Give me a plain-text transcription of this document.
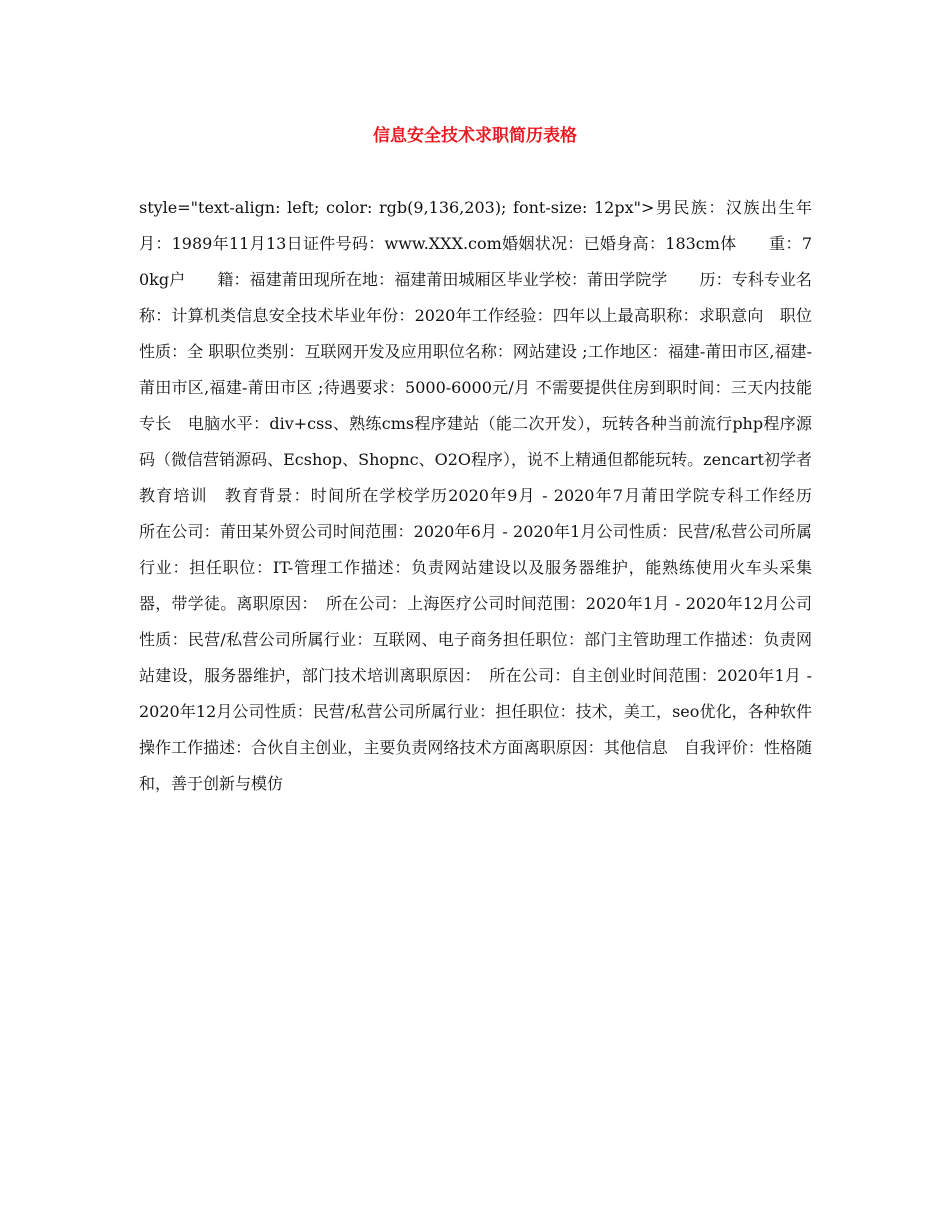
信息安全技术求职简历表格

style="text-align: left; color: rgb(9,136,203); font-size: 12px">男民族：汉族出生年月：1989年11月13日证件号码：www.XXX.com婚姻状况：已婚身高：183cm体　　重：70kg户　　籍：福建莆田现所在地：福建莆田城厢区毕业学校：莆田学院学　　历：专科专业名称：计算机类信息安全技术毕业年份：2020年工作经验：四年以上最高职称：求职意向　职位性质：全 职职位类别：互联网开发及应用职位名称：网站建设 ;工作地区：福建-莆田市区,福建-莆田市区,福建-莆田市区 ;待遇要求：5000-6000元/月 不需要提供住房到职时间：三天内技能专长　电脑水平：div+css、熟练cms程序建站（能二次开发），玩转各种当前流行php程序源码（微信营销源码、Ecshop、Shopnc、O2O程序），说不上精通但都能玩转。zencart初学者教育培训　教育背景：时间所在学校学历2020年9月 - 2020年7月莆田学院专科工作经历　　所在公司：莆田某外贸公司时间范围：2020年6月 - 2020年1月公司性质：民营/私营公司所属行业：担任职位：IT-管理工作描述：负责网站建设以及服务器维护，能熟练使用火车头采集器，带学徒。离职原因：　所在公司：上海医疗公司时间范围：2020年1月 - 2020年12月公司性质：民营/私营公司所属行业：互联网、电子商务担任职位：部门主管助理工作描述：负责网站建设，服务器维护，部门技术培训离职原因：　所在公司：自主创业时间范围：2020年1月 - 2020年12月公司性质：民营/私营公司所属行业：担任职位：技术，美工，seo优化，各种软件操作工作描述：合伙自主创业，主要负责网络技术方面离职原因：其他信息　自我评价：性格随和，善于创新与模仿
